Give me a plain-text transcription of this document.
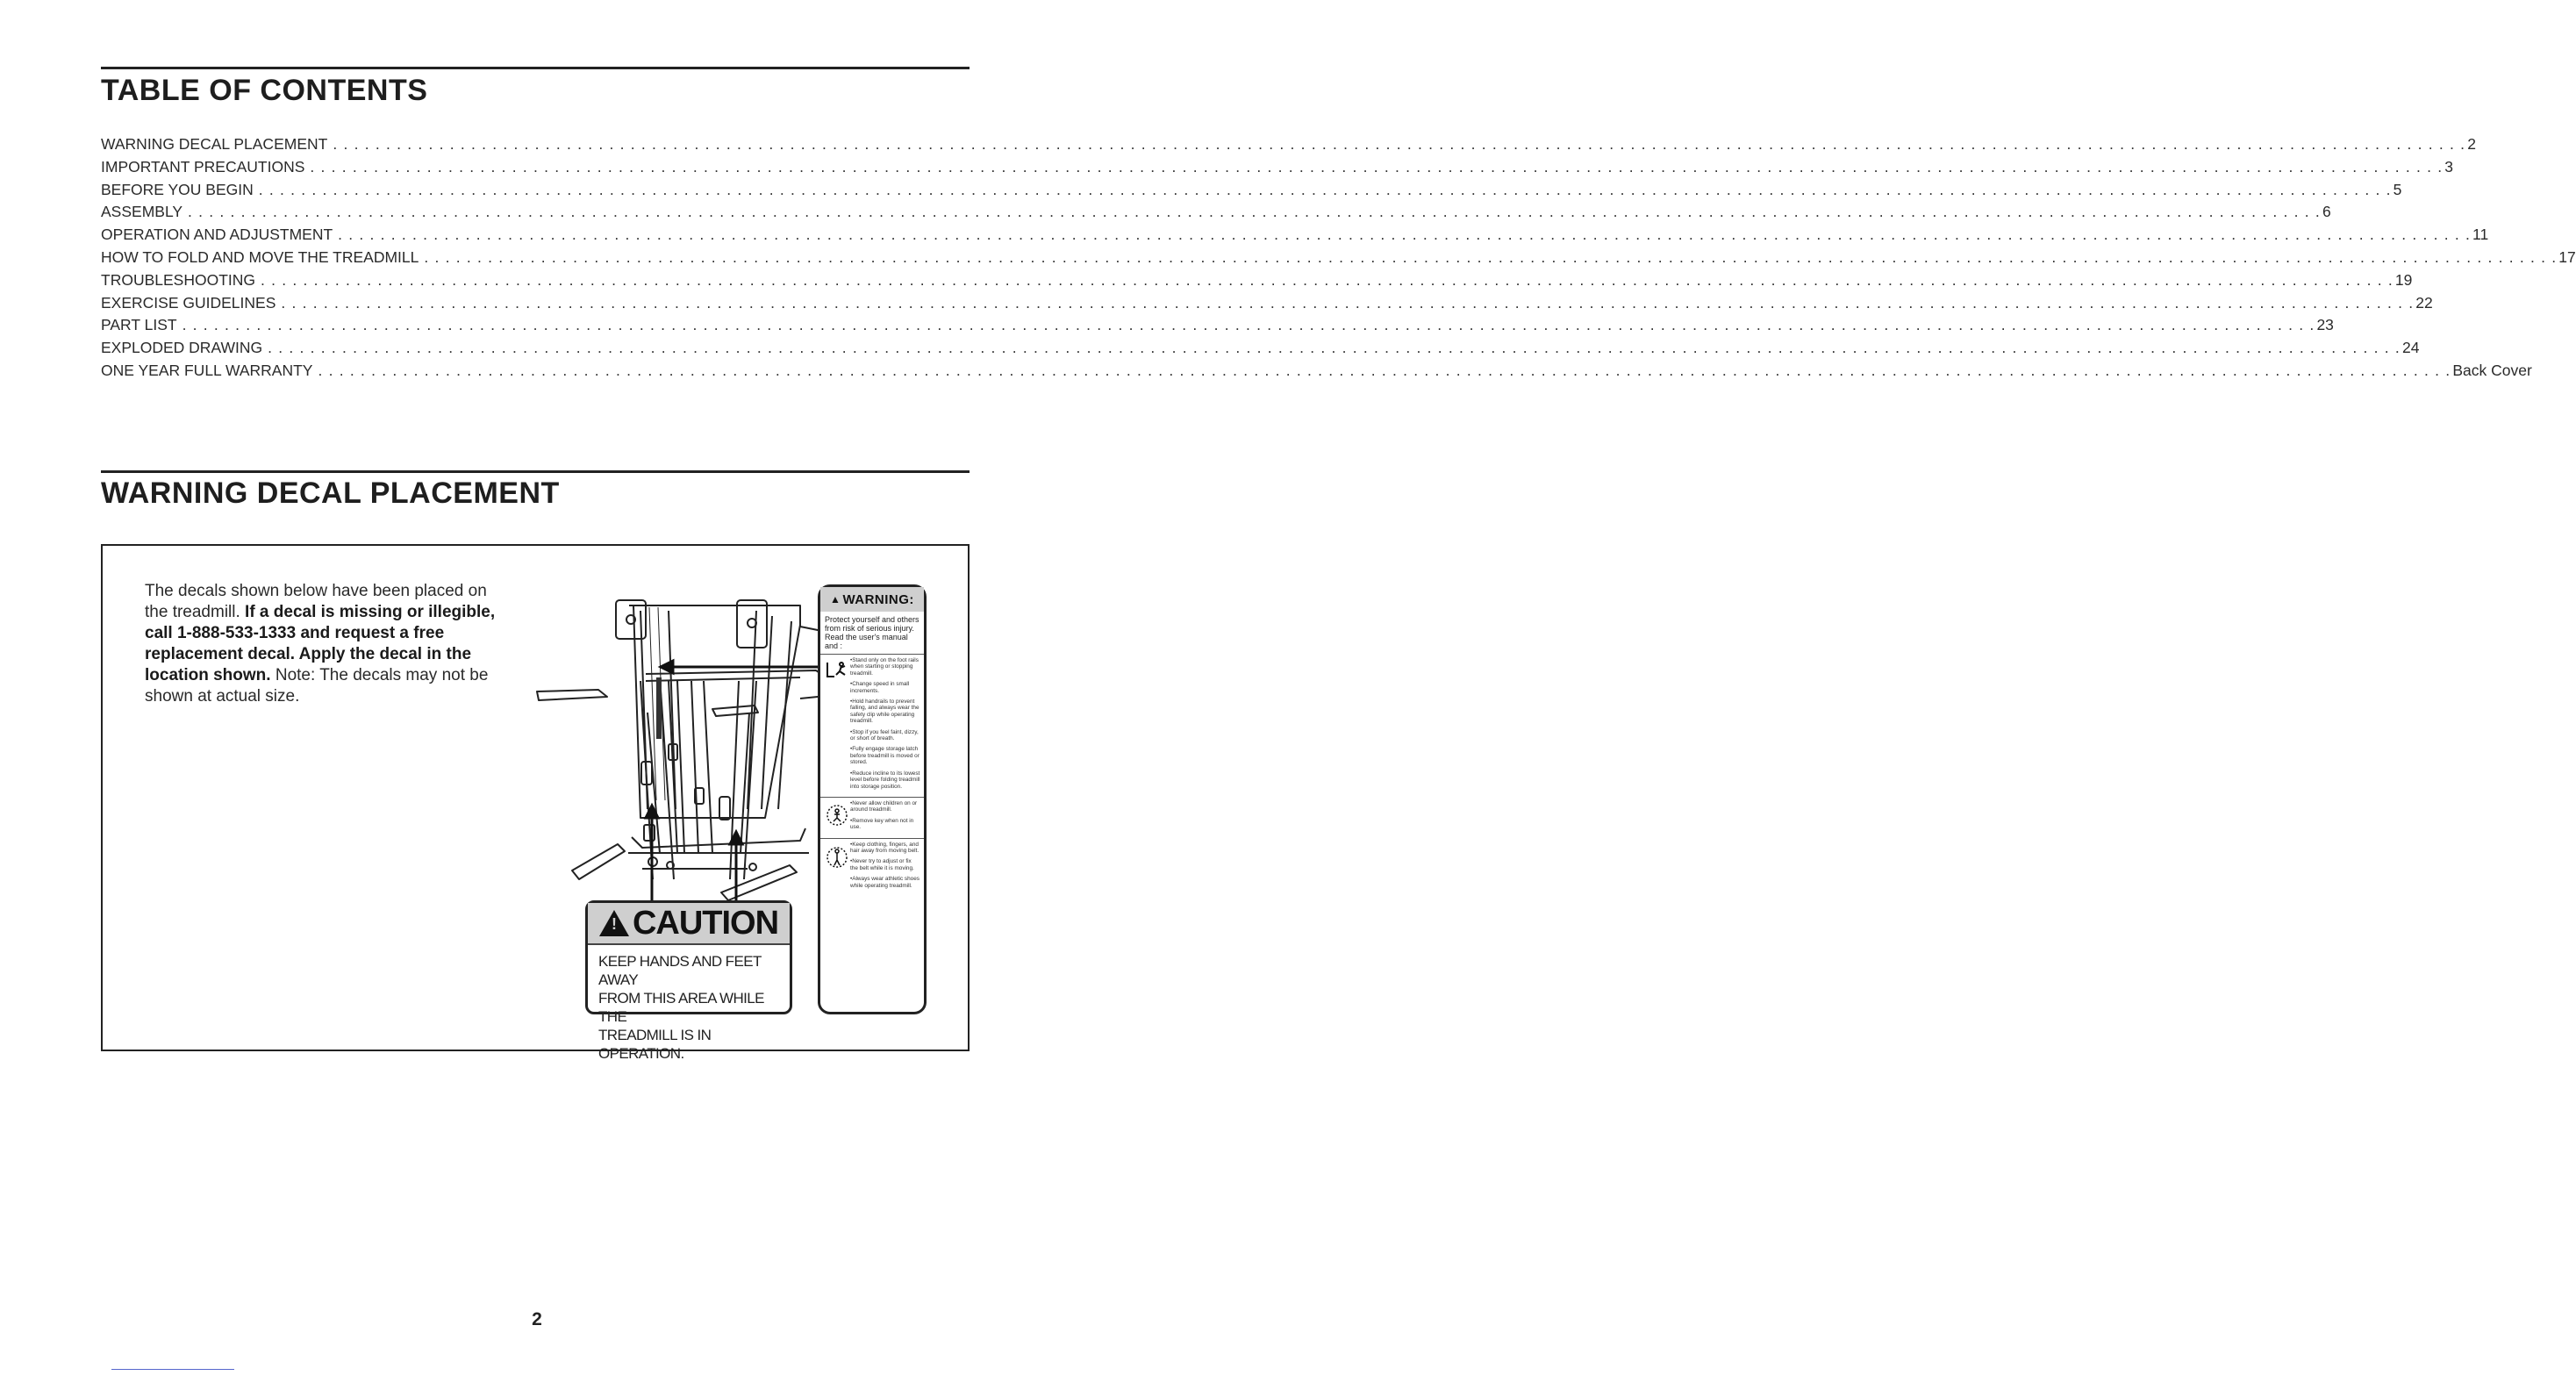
TABLE OF CONTENTS
WARNING DECAL PLACEMENT . . .	2
IMPORTANT PRECAUTIONS . . .	3
BEFORE YOU BEGIN . . .	5
ASSEMBLY . . .	6
OPERATION AND ADJUSTMENT . . .	11
HOW TO FOLD AND MOVE THE TREADMILL . . .	17
TROUBLESHOOTING . . .	19
EXERCISE GUIDELINES . . .	22
PART LIST . . .	23
EXPLODED DRAWING . . .	24
ONE YEAR FULL WARRANTY . . .	Back Cover
WARNING DECAL PLACEMENT

The decals shown below have been placed on the treadmill. If a decal is missing or illegible, call 1-888-533-1333 and request a free replacement decal. Apply the decal in the location shown. Note: The decals may not be shown at actual size.

!
CAUTION
KEEP HANDS AND FEET AWAY
FROM THIS AREA WHILE THE
TREADMILL IS IN OPERATION.
▲ WARNING:
Protect yourself and others from risk of serious injury. Read the user's manual and :
• Stand only on the foot rails when starting or stopping treadmill.
• Change speed in small increments.
• Hold handrails to prevent falling, and always wear the safety clip while operating treadmill.
• Stop if you feel faint, dizzy, or short of breath.
• Fully engage storage latch before treadmill is moved or stored.
• Reduce incline to its lowest level before folding treadmill into storage position.
• Never allow children on or around treadmill.
• Remove key when not in use.
• Keep clothing, fingers, and hair away from moving belt.
• Never try to adjust or fix the belt while it is moving.
• Always wear athletic shoes while operating treadmill.
2
